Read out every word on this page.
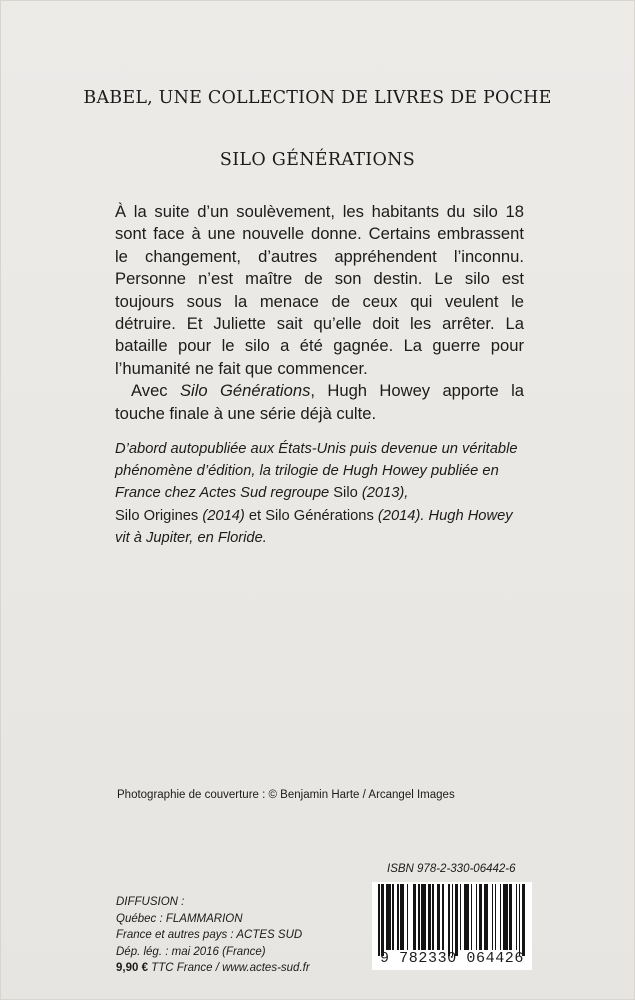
BABEL, UNE COLLECTION DE LIVRES DE POCHE
SILO GÉNÉRATIONS

À la suite d’un soulèvement, les habitants du silo 18 sont face à une nouvelle donne. Certains embrassent le changement, d’autres appréhendent l’inconnu. Personne n’est maître de son destin. Le silo est toujours sous la menace de ceux qui veulent le détruire. Et Juliette sait qu’elle doit les arrêter. La bataille pour le silo a été gagnée. La guerre pour l’humanité ne fait que commencer.

Avec Silo Générations, Hugh Howey apporte la touche finale à une série déjà culte.

D’abord autopubliée aux États-Unis puis devenue un véritable phénomène d’édition, la trilogie de Hugh Howey publiée en France chez Actes Sud regroupe Silo (2013),
Silo Origines (2014) et Silo Générations (2014). Hugh Howey vit à Jupiter, en Floride.
Photographie de couverture : © Benjamin Harte / Arcangel Images
ISBN 978-2-330-06442-6
DIFFUSION :
Québec : FLAMMARION
France et autres pays : ACTES SUD
Dép. lég. : mai 2016 (France)
9,90 € TTC France / www.actes-sud.fr
9 782330 064426
